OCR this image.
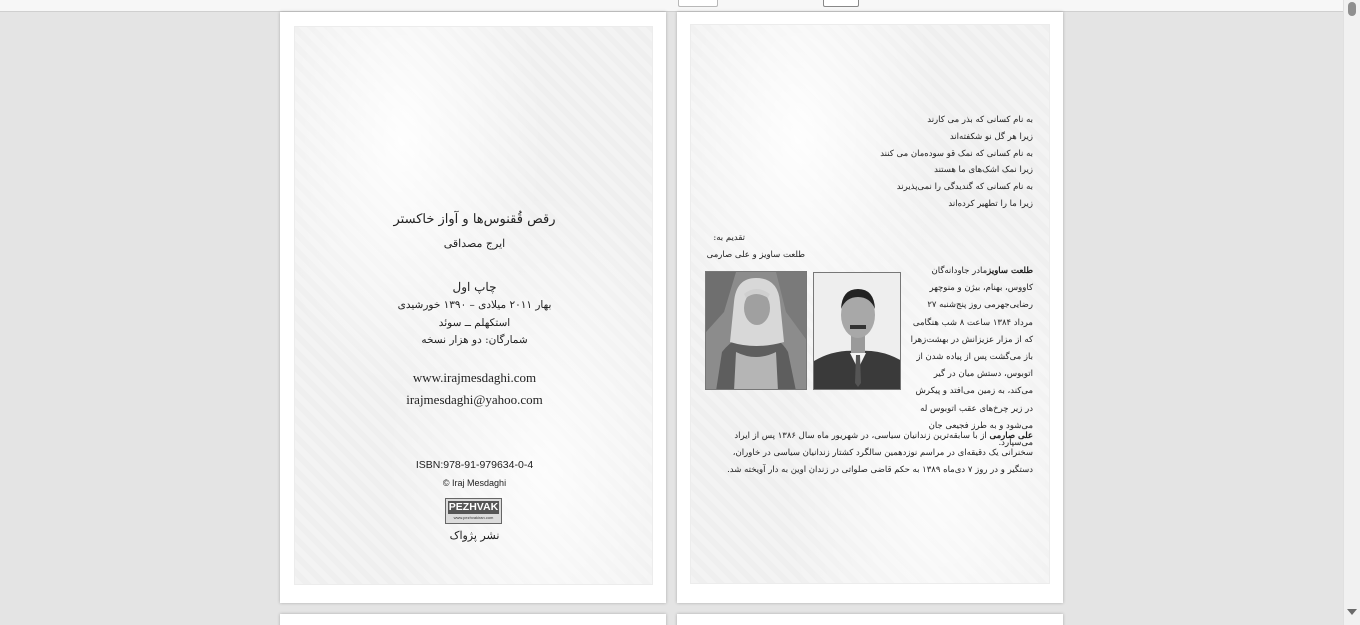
رقص قُقنوس‌ها و آواز خاکستر
ایرج مصداقی
چاپ اول
بهار ۲۰۱۱ میلادی – ۱۳۹۰ خورشیدی
استکهلم ــ سوئد
شمارگان: دو هزار نسخه
www.irajmesdaghi.com
irajmesdaghi@yahoo.com
ISBN:978-91-979634-0-4
© Iraj Mesdaghi
PEZHVAK
www.pezhvakiran.com
نشر پژواک
به نام کسانی که بذر می کارند
زیرا هر گل نو شکفته‌اند
به نام کسانی که نمک قو سوده‌مان می کنند
زیرا نمک اشک‌های ما هستند
به نام کسانی که گندیدگی را نمی‌پذیرند
زیرا ما را تطهیر کرده‌اند
تقدیم به:
طلعت ساویز و علی صارمی
طلعت ساویزمادر جاودانه‌گان کاووس، بهنام، بیژن و منوچهر رضایی‌جهرمی روز پنج‌شنبه ۲۷ مرداد ۱۳۸۴ ساعت ۸ شب هنگامی که از مزار عزیزانش در بهشت‌زهرا باز می‌گشت پس از پیاده شدن از اتوبوس، دستش میان در گیر می‌کند، به زمین می‌افتد و پیکرش در زیر چرخ‌های عقب اتوبوس له می‌شود و به طرز فجیعی جان می‌سپارد.
علی صارمی از با سابقه‌ترین زندانیان سیاسی، در شهریور ماه سال ۱۳۸۶ پس از ایراد سخنرانی یک دقیقه‌ای در مراسم نوزدهمین سالگرد کشتار زندانیان سیاسی در خاوران، دستگیر و در روز ۷ دی‌ماه ۱۳۸۹ به حکم قاضی صلواتی در زندان اوین به دار آویخته شد.
